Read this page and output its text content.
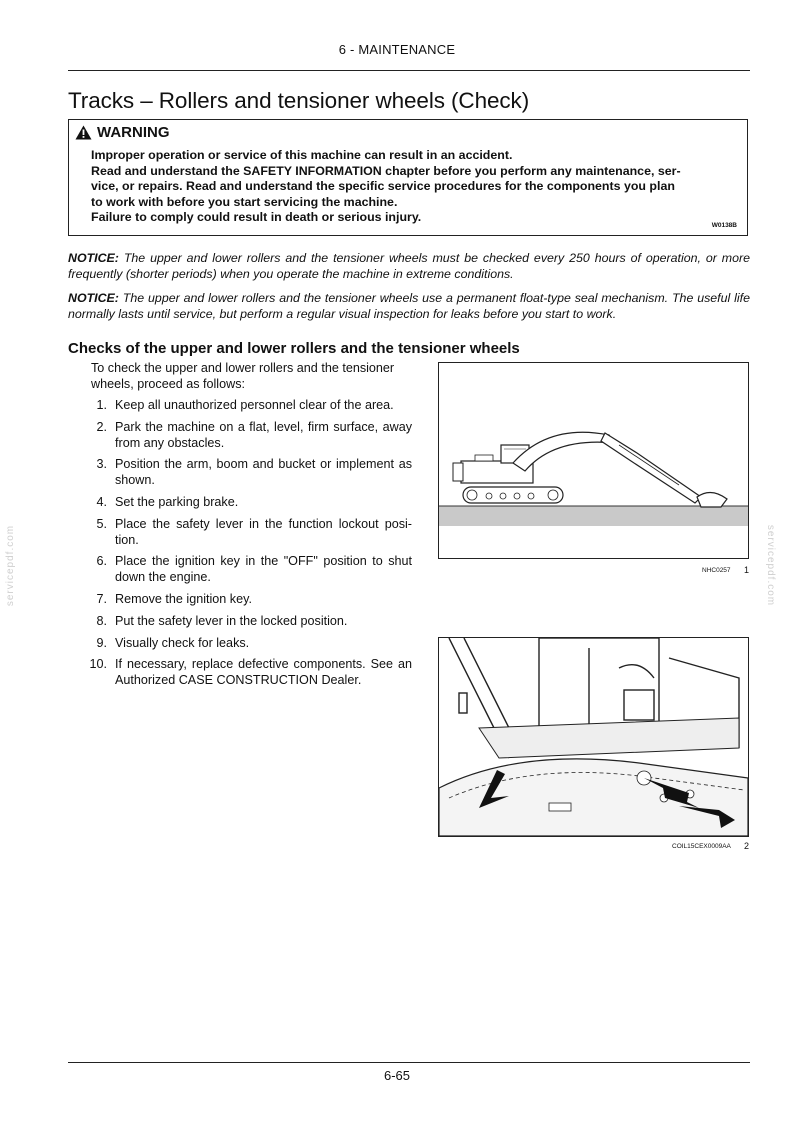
6 - MAINTENANCE
Tracks – Rollers and tensioner wheels (Check)
WARNING
Improper operation or service of this machine can result in an accident.
Read and understand the SAFETY INFORMATION chapter before you perform any maintenance, ser-
vice, or repairs. Read and understand the specific service procedures for the components you plan
to work with before you start servicing the machine.
Failure to comply could result in death or serious injury.
W0138B
NOTICE: The upper and lower rollers and the tensioner wheels must be checked every 250 hours of operation, or more frequently (shorter periods) when you operate the machine in extreme conditions.
NOTICE: The upper and lower rollers and the tensioner wheels use a permanent float-type seal mechanism. The useful life normally lasts until service, but perform a regular visual inspection for leaks before you start to work.
Checks of the upper and lower rollers and the tensioner wheels
To check the upper and lower rollers and the tensioner wheels, proceed as follows:
1. Keep all unauthorized personnel clear of the area.
2. Park the machine on a flat, level, firm surface, away from any obstacles.
3. Position the arm, boom and bucket or implement as shown.
4. Set the parking brake.
5. Place the safety lever in the function lockout posi- tion.
6. Place the ignition key in the "OFF" position to shut down the engine.
7. Remove the ignition key.
8. Put the safety lever in the locked position.
9. Visually check for leaks.
10. If necessary, replace defective components. See an Authorized CASE CONSTRUCTION Dealer.
NHC0257 1
COIL15CEX0009AA 2
servicepdf.com	servicepdf.com
6-65
